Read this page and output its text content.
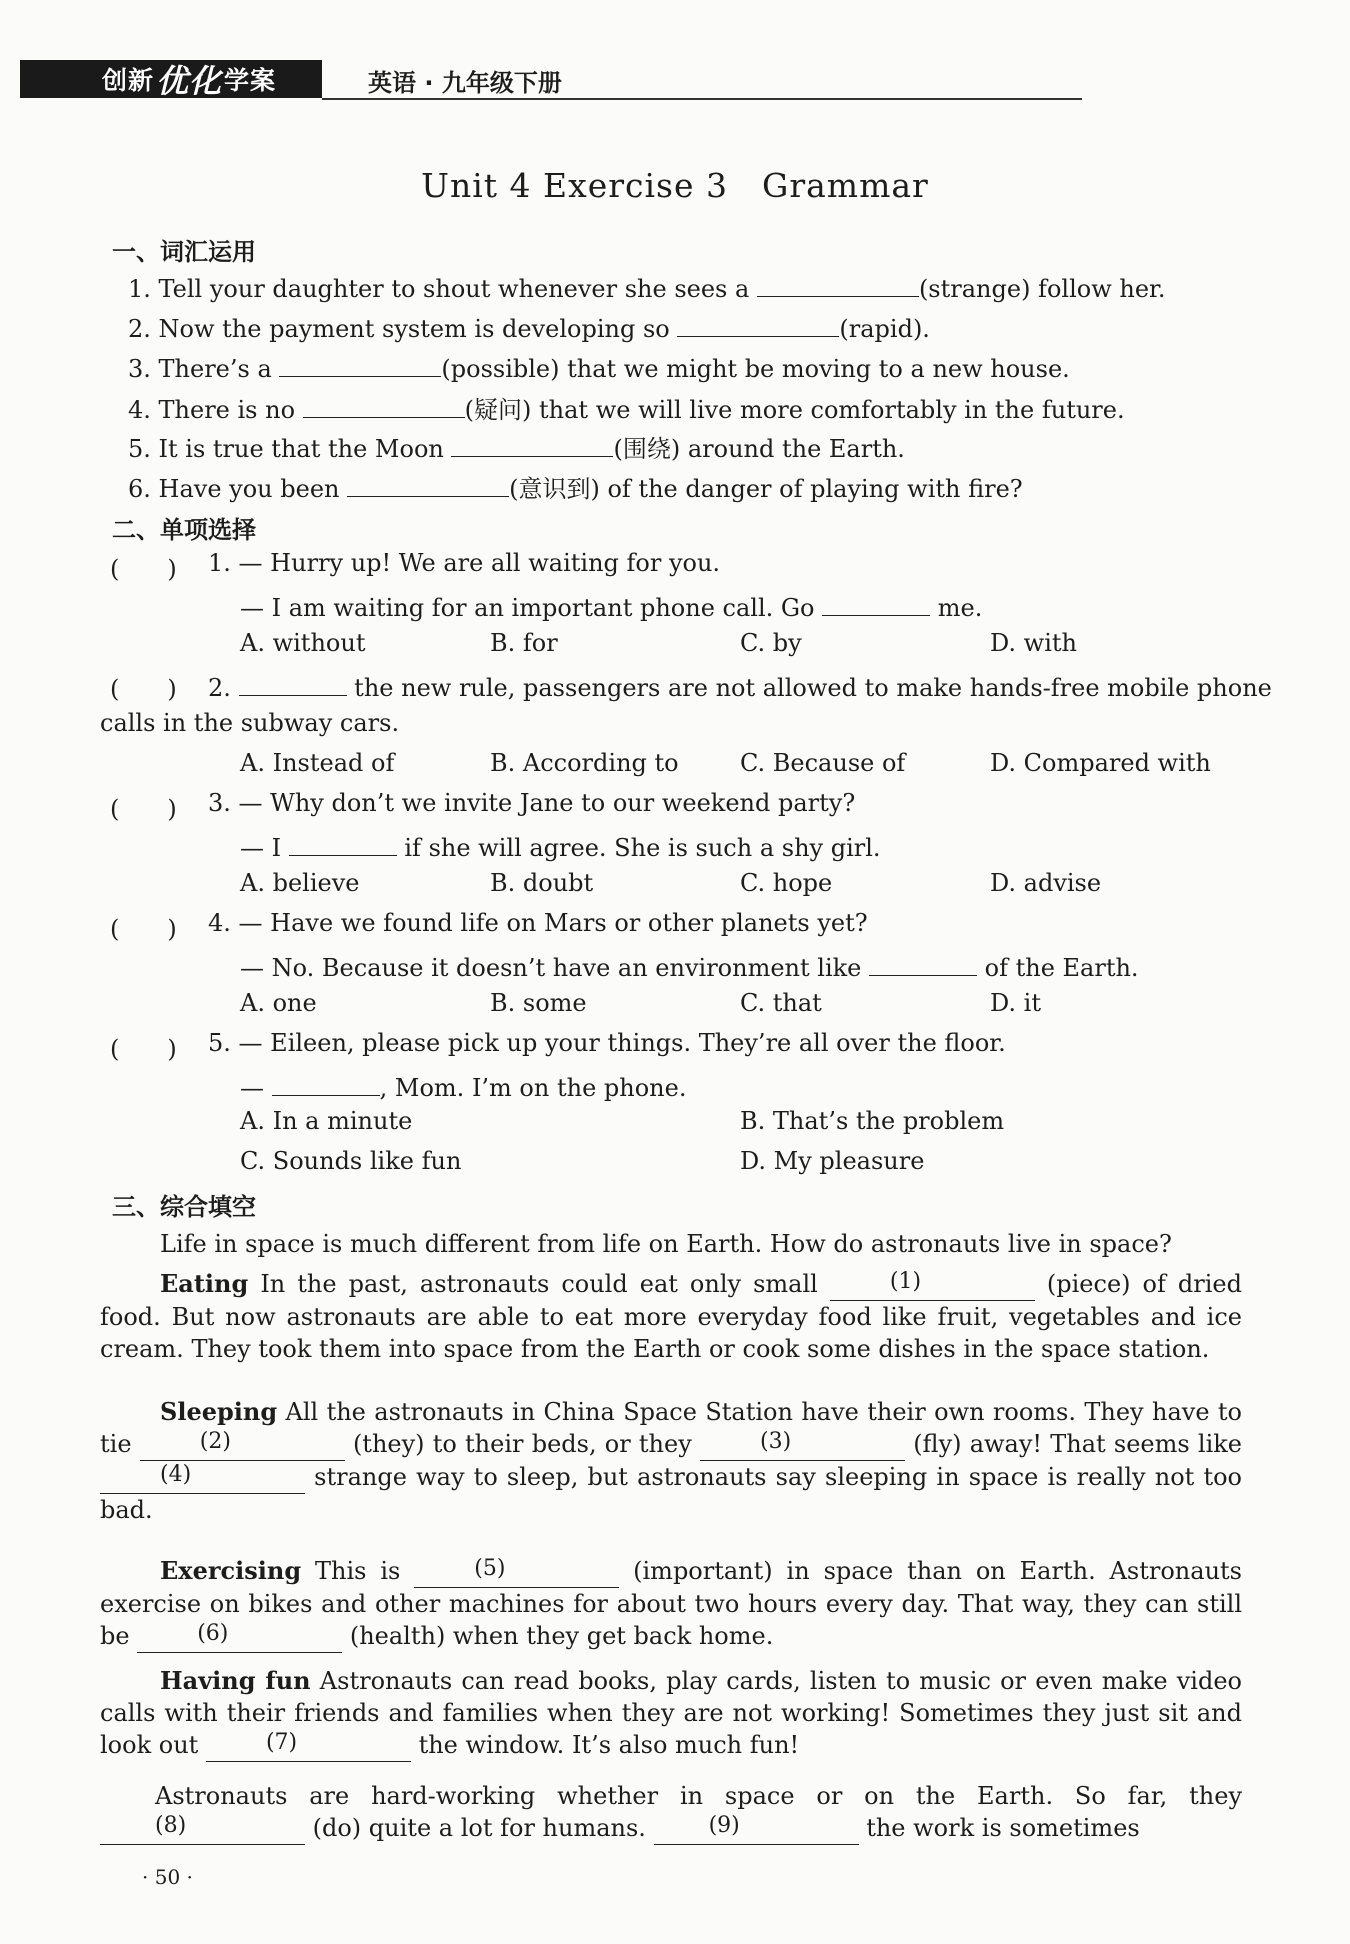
创新 优化 学案	英语 · 九年级下册
Unit 4 Exercise 3　Grammar
一、词汇运用
1. Tell your daughter to shout whenever she sees a	(strange) follow her.
2. Now the payment system is developing so	(rapid).
3. There’s a	(possible) that we might be moving to a new house.
4. There is no	(疑问) that we will live more comfortably in the future.
5. It is true that the Moon	(围绕) around the Earth.
6. Have you been	(意识到) of the danger of playing with fire?
二、单项选择
(　　) 1. — Hurry up! We are all waiting for you.
— I am waiting for an important phone call. Go	me.
A. without	B. for	C. by	D. with
(　　) 2.	the new rule, passengers are not allowed to make hands-free mobile phone
calls in the subway cars.
A. Instead of	B. According to	C. Because of	D. Compared with
(　　) 3. — Why don’t we invite Jane to our weekend party?
— I	if she will agree. She is such a shy girl.
A. believe	B. doubt	C. hope	D. advise
(　　) 4. — Have we found life on Mars or other planets yet?
— No. Because it doesn’t have an environment like	of the Earth.
A. one	B. some	C. that	D. it
(　　) 5. — Eileen, please pick up your things. They’re all over the floor.
—	, Mom. I’m on the phone.
A. In a minute	B. That’s the problem
C. Sounds like fun	D. My pleasure
三、综合填空
Life in space is much different from life on Earth. How do astronauts live in space?
Eating In the past, astronauts could eat only small	(1)	(piece) of dried food. But now astronauts are able to eat more everyday food like fruit, vegetables and ice cream. They took them into space from the Earth or cook some dishes in the space station.
Sleeping All the astronauts in China Space Station have their own rooms. They have to tie	(2)	(they) to their beds, or they	(3)	(fly) away! That seems like
(4)	strange way to sleep, but astronauts say sleeping in space is really not too bad.
Exercising This is	(5)	(important) in space than on Earth. Astronauts exercise on bikes and other machines for about two hours every day. That way, they can still be	(6)	(health) when they get back home.
Having fun Astronauts can read books, play cards, listen to music or even make video calls with their friends and families when they are not working! Sometimes they just sit and look out	(7)	the window. It’s also much fun!
Astronauts are hard-working whether in space or on the Earth. So far, they
(8)	(do) quite a lot for humans.	(9)	the work is sometimes
· 50 ·
